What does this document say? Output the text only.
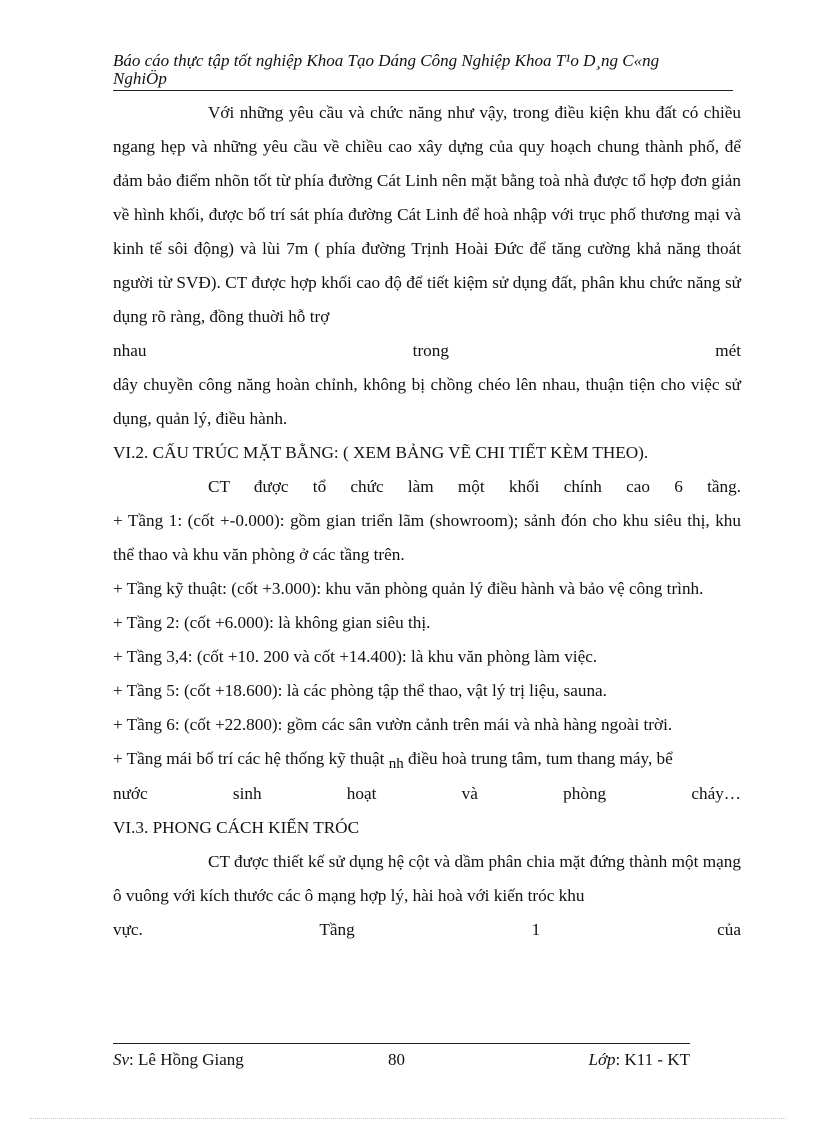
Báo cáo thực tập tốt nghiệp Khoa Tạo Dáng Công Nghiệp Khoa T¹o D¸ng C«ng
NghiÖp

Với những yêu cầu và chức năng như vậy, trong điều kiện khu đất có chiều ngang hẹp và những yêu cầu về chiều cao xây dựng của quy hoạch chung thành phố, để đảm bảo điểm nhõn tốt từ phía đường Cát Linh nên mặt bằng toà nhà được tổ hợp đơn giản về hình khối, được bố trí sát phía đường Cát Linh để hoà nhập với trục phố thương mại và kinh tế sôi động) và lùi 7m ( phía đường Trịnh Hoài Đức để tăng cường khả năng thoát người từ SVĐ). CT được hợp khối cao độ để tiết kiệm sử dụng đất, phân khu chức năng sử dụng rõ ràng, đồng thuời hỗ trợ

nhau trong mét

dây chuyền công năng hoàn chỉnh, không bị chồng chéo lên nhau, thuận tiện cho việc sử dụng, quản lý, điều hành.

VI.2. CẤU TRÚC MẶT BẰNG: ( XEM BẢNG VẼ CHI TIẾT KÈM THEO).

CT được tổ chức làm một khối chính cao 6 tầng.

+ Tầng 1: (cốt +-0.000): gồm gian triển lãm (showroom); sảnh đón cho khu siêu thị, khu thể thao và khu văn phòng ở các tầng trên.

+ Tầng kỹ thuật: (cốt +3.000): khu văn phòng quản lý điều hành và bảo vệ công trình.

+ Tầng 2: (cốt +6.000): là không gian siêu thị.

+ Tầng 3,4: (cốt +10. 200 và cốt +14.400): là khu văn phòng làm việc.

+ Tầng 5: (cốt +18.600): là các phòng tập thể thao, vật lý trị liệu, sauna.

+ Tầng 6: (cốt +22.800): gồm các sân vườn cảnh trên mái và nhà hàng ngoài trời.

+ Tầng mái bố trí các hệ thống kỹ thuật nh điều hoà trung tâm, tum thang máy, bể

nước sinh hoạt và phòng cháy…

VI.3. PHONG CÁCH KIẾN TRÓC

CT được thiết kế sử dụng hệ cột và dầm phân chia mặt đứng thành một mạng ô vuông với kích thước các ô mạng hợp lý, hài hoà với kiến tróc khu

vực. Tầng 1 của

Sv: Lê Hồng Giang	80	Lớp: K11 - KT
